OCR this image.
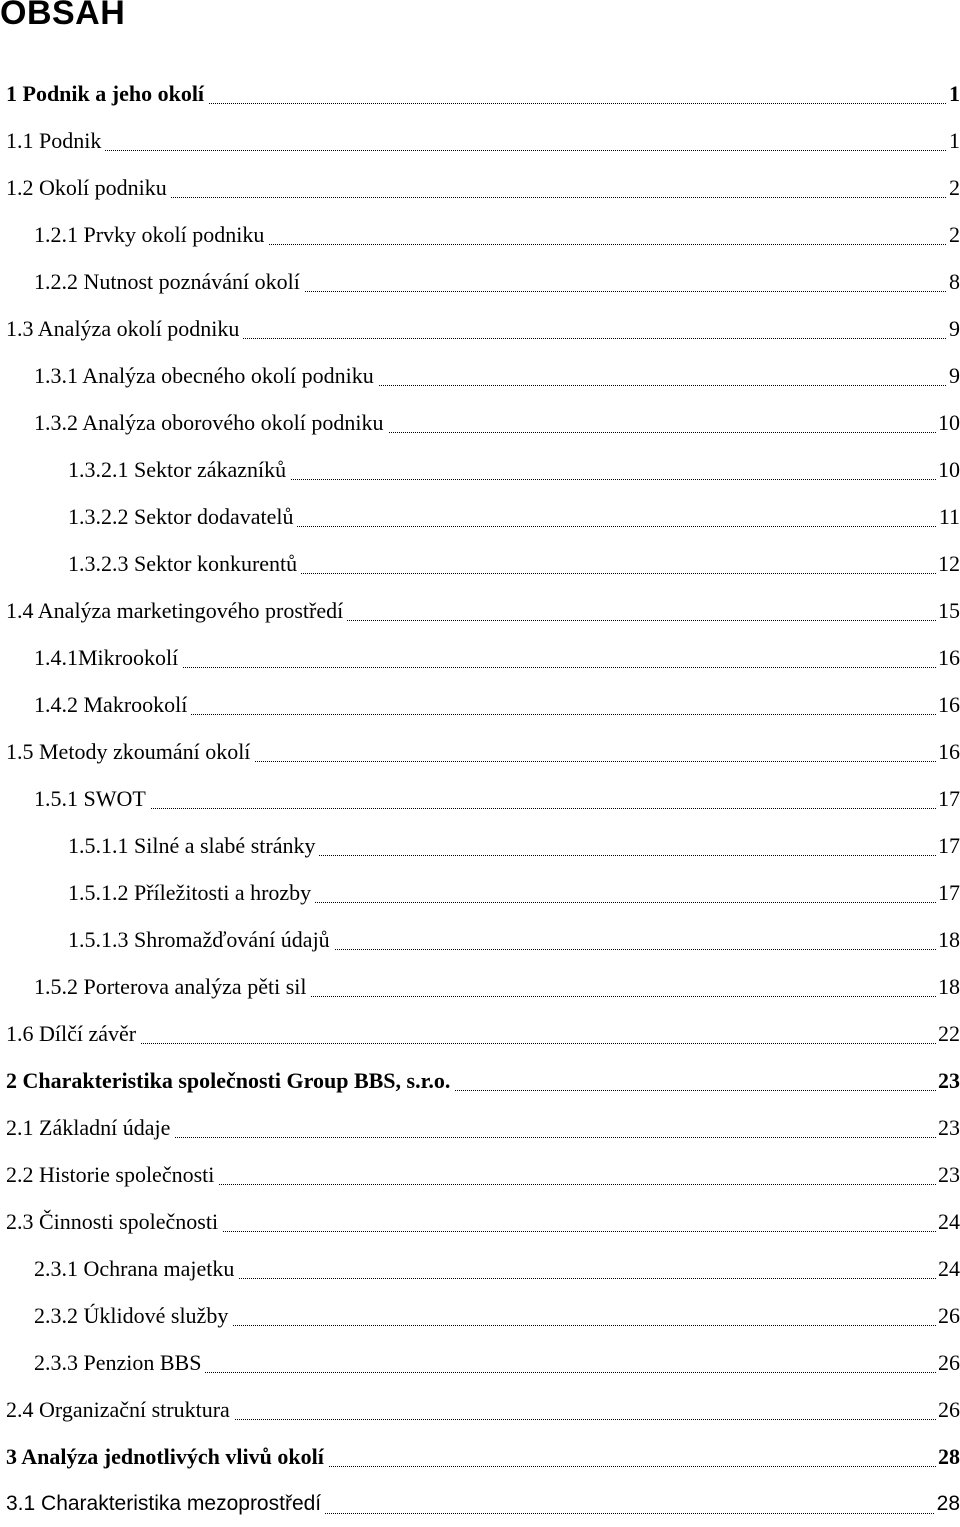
OBSAH
1 Podnik a jeho okolí	1
1.1 Podnik	1
1.2 Okolí podniku	2
1.2.1 Prvky okolí podniku	2
1.2.2 Nutnost poznávání okolí	8
1.3 Analýza okolí podniku	9
1.3.1 Analýza obecného okolí podniku	9
1.3.2 Analýza oborového okolí podniku	10
1.3.2.1 Sektor zákazníků	10
1.3.2.2 Sektor dodavatelů	11
1.3.2.3 Sektor konkurentů	12
1.4 Analýza marketingového prostředí	15
1.4.1Mikrookolí	16
1.4.2 Makrookolí	16
1.5 Metody zkoumání okolí	16
1.5.1 SWOT	17
1.5.1.1 Silné a slabé stránky	17
1.5.1.2 Příležitosti a hrozby	17
1.5.1.3 Shromažďování údajů	18
1.5.2 Porterova analýza pěti sil	18
1.6 Dílčí závěr	22
2 Charakteristika společnosti Group BBS, s.r.o.	23
2.1 Základní údaje	23
2.2 Historie společnosti	23
2.3 Činnosti společnosti	24
2.3.1 Ochrana majetku	24
2.3.2 Úklidové služby	26
2.3.3 Penzion BBS	26
2.4 Organizační struktura	26
3 Analýza jednotlivých vlivů okolí	28
3.1 Charakteristika mezoprostředí	28
